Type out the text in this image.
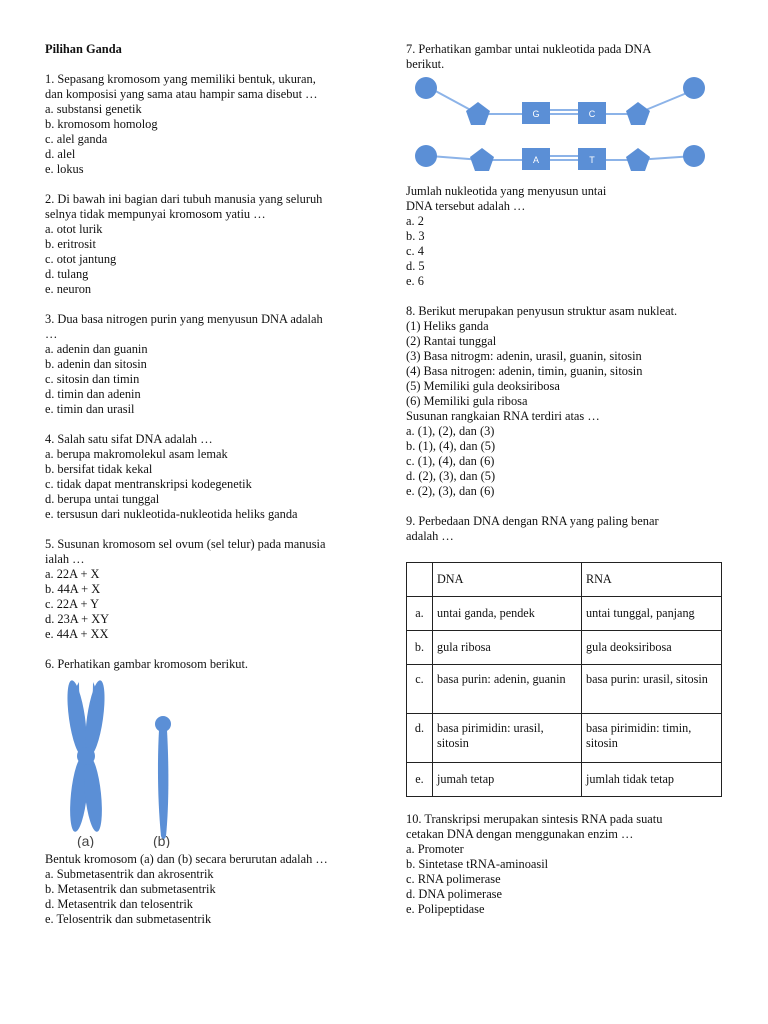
Pilihan Ganda
1. Sepasang kromosom yang memiliki bentuk, ukuran,
dan komposisi yang sama atau hampir sama disebut …
a. substansi genetik
b. kromosom homolog
c. alel ganda
d. alel
e. lokus
2. Di bawah ini bagian dari tubuh manusia yang seluruh
selnya tidak mempunyai kromosom yatiu …
a. otot lurik
b. eritrosit
c. otot jantung
d. tulang
e. neuron
3. Dua basa nitrogen purin yang menyusun DNA adalah
…
a. adenin dan guanin
b. adenin dan sitosin
c. sitosin dan timin
d. timin dan adenin
e. timin dan urasil
4. Salah satu sifat DNA adalah …
a. berupa makromolekul asam lemak
b. bersifat tidak kekal
c. tidak dapat mentranskripsi kodegenetik
d. berupa untai tunggal
e. tersusun dari nukleotida-nukleotida heliks ganda
5. Susunan kromosom sel ovum (sel telur) pada manusia
ialah …
a. 22A + X
b. 44A + X
c. 22A + Y
d. 23A + XY
e. 44A + XX
6. Perhatikan gambar kromosom berikut.
(a)	(b)
Bentuk kromosom (a) dan (b) secara berurutan adalah …
a. Submetasentrik dan akrosentrik
b. Metasentrik dan submetasentrik
d. Metasentrik dan telosentrik
e. Telosentrik dan submetasentrik
7. Perhatikan gambar untai nukleotida pada DNA
berikut.
G	C
A	T
Jumlah nukleotida yang menyusun untai
DNA tersebut adalah …
a. 2
b. 3
c. 4
d. 5
e. 6
8. Berikut merupakan penyusun struktur asam nukleat.
(1) Heliks ganda
(2) Rantai tunggal
(3) Basa nitrogm: adenin, urasil, guanin, sitosin
(4) Basa nitrogen: adenin, timin, guanin, sitosin
(5) Memiliki gula deoksiribosa
(6) Memiliki gula ribosa
Susunan rangkaian RNA terdiri atas …
a. (1), (2), dan (3)
b. (1), (4), dan (5)
c. (1), (4), dan (6)
d. (2), (3), dan (5)
e. (2), (3), dan (6)
9. Perbedaan DNA dengan RNA yang paling benar
adalah …
	DNA	RNA
a.	untai ganda, pendek	untai tunggal, panjang
b.	gula ribosa	gula deoksiribosa
c.	basa purin: adenin, guanin	basa purin: urasil, sitosin
d.	basa pirimidin: urasil, sitosin	basa pirimidin: timin, sitosin
e.	jumah tetap	jumlah tidak tetap
10. Transkripsi merupakan sintesis RNA pada suatu
cetakan DNA dengan menggunakan enzim …
a. Promoter
b. Sintetase tRNA-aminoasil
c. RNA polimerase
d. DNA polimerase
e. Polipeptidase
